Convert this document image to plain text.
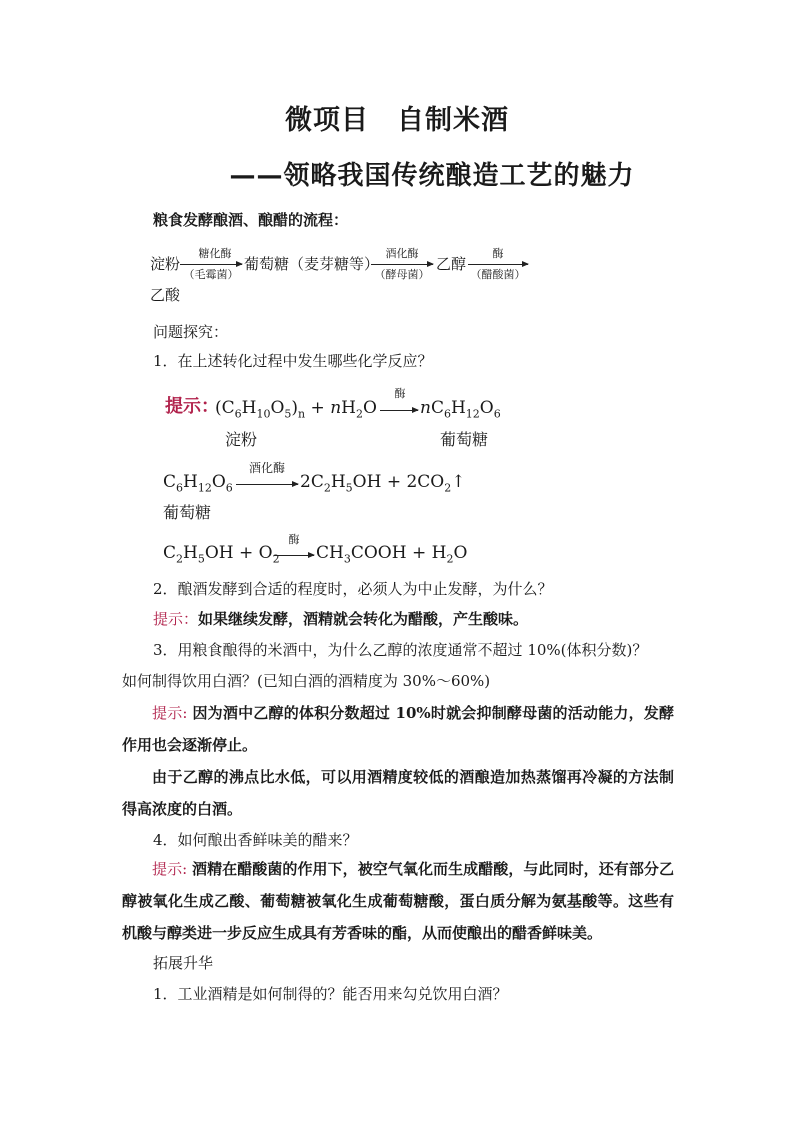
微项目　自制米酒
——领略我国传统酿造工艺的魅力
粮食发酵酿酒、酿醋的流程：
淀粉
糖化酶
（毛霉菌）
葡萄糖（麦芽糖等）
酒化酶
（酵母菌）
乙醇
酶
（醋酸菌）
乙酸
问题探究：
1．在上述转化过程中发生哪些化学反应？
提示：
$(C_6H_{10}O_5)_n + nH_2O$
酶
$nC_6H_{12}O_6$
淀粉	葡萄糖
$C_6H_{12}O_6$
酒化酶
$2C_2H_5OH$ + $2CO_2↑$
葡萄糖
$C_2H_5OH + O_2$
酶
$CH_3COOH + H_2O$
2．酿酒发酵到合适的程度时，必须人为中止发酵，为什么？
提示：如果继续发酵，酒精就会转化为醋酸，产生酸味。
3．用粮食酿得的米酒中，为什么乙醇的浓度通常不超过 10%(体积分数)？
如何制得饮用白酒？(已知白酒的酒精度为 30%～60%)
提示: 因为酒中乙醇的体积分数超过 10%时就会抑制酵母菌的活动能力，发酵作用也会逐渐停止。
由于乙醇的沸点比水低，可以用酒精度较低的酒酿造加热蒸馏再冷凝的方法制得高浓度的白酒。
4．如何酿出香鲜味美的醋来？
提示: 酒精在醋酸菌的作用下，被空气氧化而生成醋酸，与此同时，还有部分乙醇被氧化生成乙酸、葡萄糖被氧化生成葡萄糖酸，蛋白质分解为氨基酸等。这些有机酸与醇类进一步反应生成具有芳香味的酯，从而使酿出的醋香鲜味美。
拓展升华
1．工业酒精是如何制得的？能否用来勾兑饮用白酒？
